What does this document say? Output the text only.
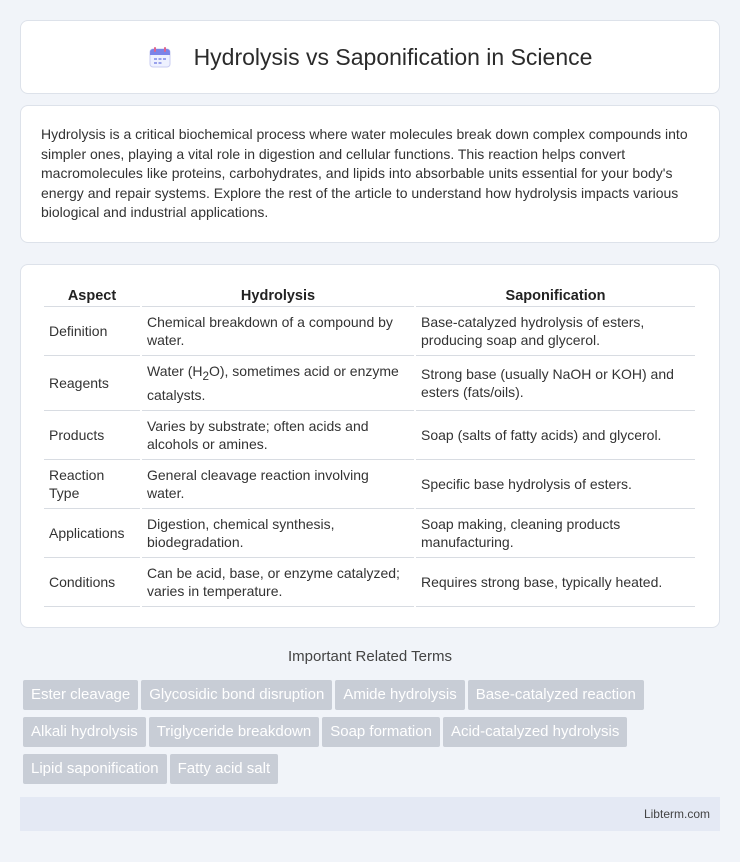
Hydrolysis vs Saponification in Science

Hydrolysis is a critical biochemical process where water molecules break down complex compounds into simpler ones, playing a vital role in digestion and cellular functions. This reaction helps convert macromolecules like proteins, carbohydrates, and lipids into absorbable units essential for your body's energy and repair systems. Explore the rest of the article to understand how hydrolysis impacts various biological and industrial applications.

Aspect	Hydrolysis	Saponification
Definition	Chemical breakdown of a compound by water.	Base-catalyzed hydrolysis of esters, producing soap and glycerol.
Reagents	Water $(H_2O)$, sometimes acid or enzyme catalysts.	Strong base (usually NaOH or KOH) and esters (fats/oils).
Products	Varies by substrate; often acids and alcohols or amines.	Soap (salts of fatty acids) and glycerol.
Reaction Type	General cleavage reaction involving water.	Specific base hydrolysis of esters.
Applications	Digestion, chemical synthesis, biodegradation.	Soap making, cleaning products manufacturing.
Conditions	Can be acid, base, or enzyme catalyzed; varies in temperature.	Requires strong base, typically heated.
Important Related Terms
Ester cleavage Glycosidic bond disruption Amide hydrolysis Base-catalyzed reaction
Alkali hydrolysis Triglyceride breakdown Soap formation Acid-catalyzed hydrolysis
Lipid saponification Fatty acid salt
Libterm.com
